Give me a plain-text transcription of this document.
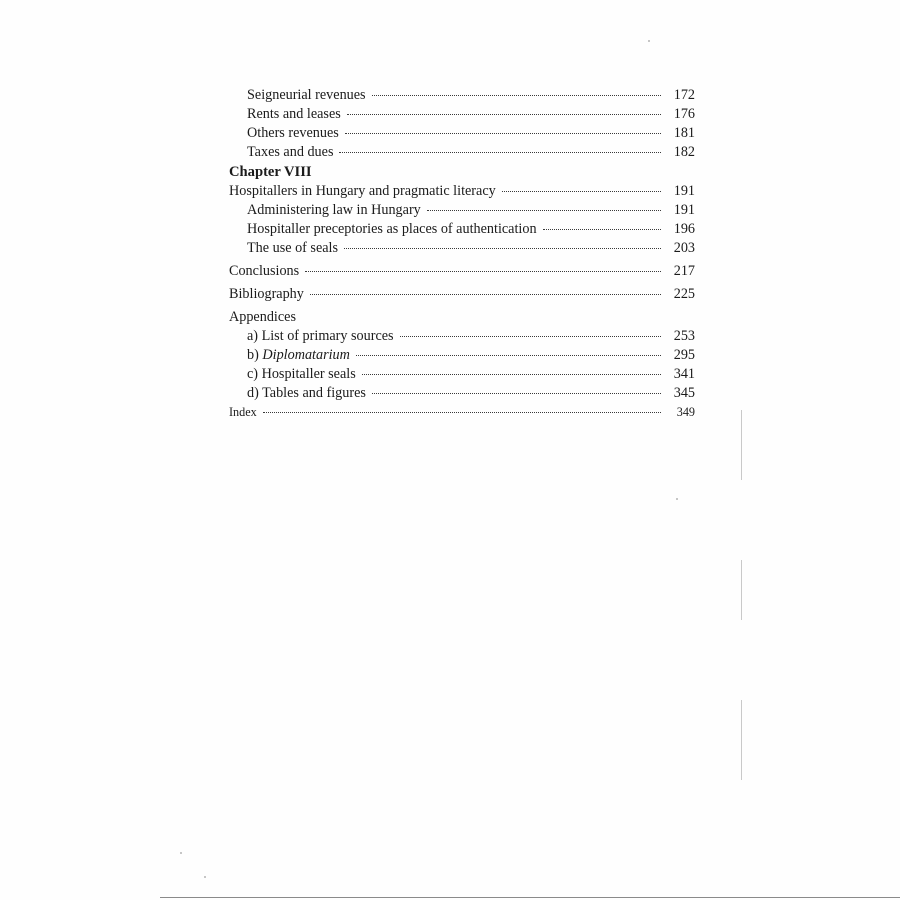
Seigneurial revenues	172
Rents and leases	176
Others revenues	181
Taxes and dues	182
Chapter VIII
Hospitallers in Hungary and pragmatic literacy	191
Administering law in Hungary	191
Hospitaller preceptories as places of authentication	196
The use of seals	203
Conclusions	217
Bibliography	225
Appendices
a) List of primary sources	253
b) Diplomatarium	295
c) Hospitaller seals	341
d) Tables and figures	345
Index	349
